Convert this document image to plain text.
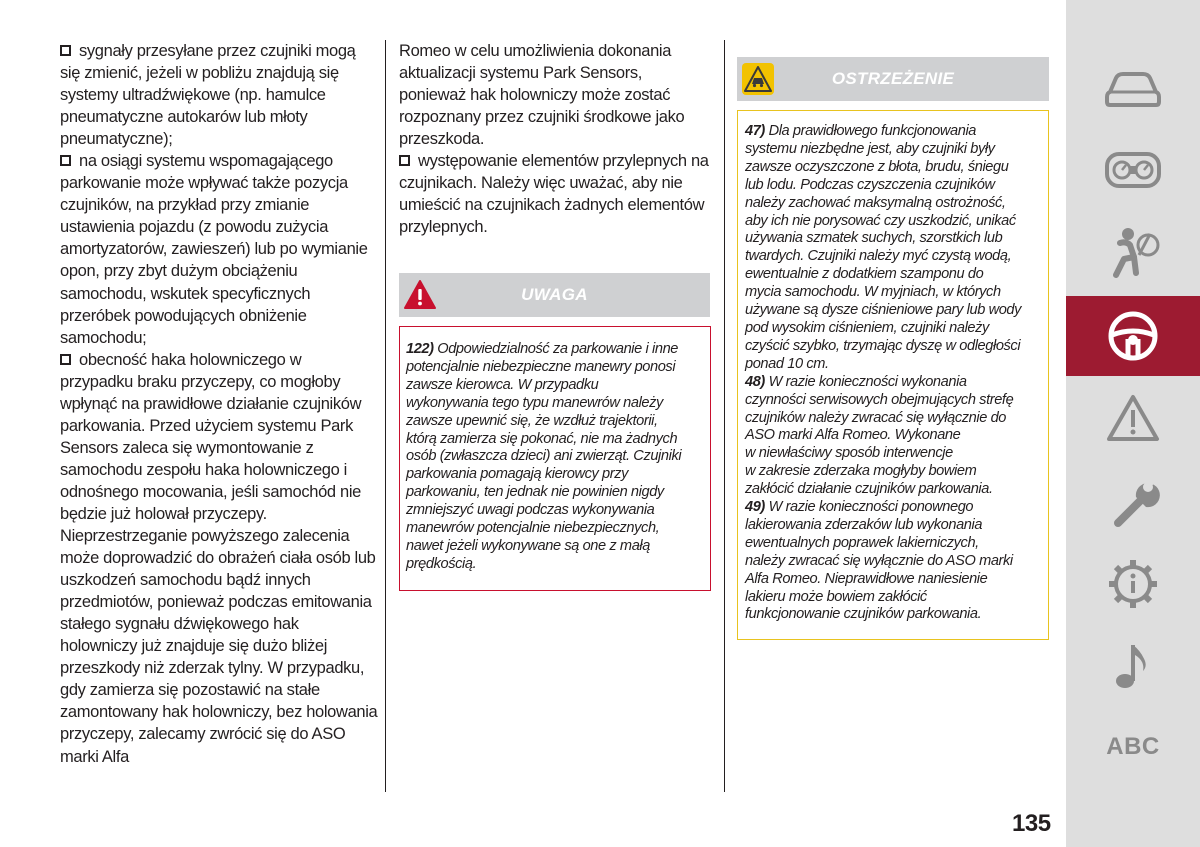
sygnały przesyłane przez czujniki mogą się zmienić, jeżeli w pobliżu znajdują się systemy ultradźwiękowe (np. hamulce pneumatyczne autokarów lub młoty pneumatyczne);

na osiągi systemu wspomagającego parkowanie może wpływać także pozycja czujników, na przykład przy zmianie ustawienia pojazdu (z powodu zużycia amortyzatorów, zawieszeń) lub po wymianie opon, przy zbyt dużym obciążeniu samochodu, wskutek specyficznych przeróbek powodujących obniżenie samochodu;

obecność haka holowniczego w przypadku braku przyczepy, co mogłoby wpłynąć na prawidłowe działanie czujników parkowania. Przed użyciem systemu Park Sensors zaleca się wymontowanie z samochodu zespołu haka holowniczego i odnośnego mocowania, jeśli samochód nie będzie już holował przyczepy. Nieprzestrzeganie powyższego zalecenia może doprowadzić do obrażeń ciała osób lub uszkodzeń samochodu bądź innych przedmiotów, ponieważ podczas emitowania stałego sygnału dźwiękowego hak holowniczy już znajduje się dużo bliżej przeszkody niż zderzak tylny. W przypadku, gdy zamierza się pozostawić na stałe zamontowany hak holowniczy, bez holowania przyczepy, zalecamy zwrócić się do ASO marki Alfa

Romeo w celu umożliwienia dokonania aktualizacji systemu Park Sensors, ponieważ hak holowniczy może zostać rozpoznany przez czujniki środkowe jako przeszkoda.

występowanie elementów przylepnych na czujnikach. Należy więc uważać, aby nie umieścić na czujnikach żadnych elementów przylepnych.

UWAGA

122) Odpowiedzialność za parkowanie i inne
potencjalnie niebezpieczne manewry ponosi
zawsze kierowca. W przypadku
wykonywania tego typu manewrów należy
zawsze upewnić się, że wzdłuż trajektorii,
którą zamierza się pokonać, nie ma żadnych
osób (zwłaszcza dzieci) ani zwierząt. Czujniki
parkowania pomagają kierowcy przy
parkowaniu, ten jednak nie powinien nigdy
zmniejszyć uwagi podczas wykonywania
manewrów potencjalnie niebezpiecznych,
nawet jeżeli wykonywane są one z małą
prędkością.

OSTRZEŻENIE

47) Dla prawidłowego funkcjonowania
systemu niezbędne jest, aby czujniki były
zawsze oczyszczone z błota, brudu, śniegu
lub lodu. Podczas czyszczenia czujników
należy zachować maksymalną ostrożność,
aby ich nie porysować czy uszkodzić, unikać
używania szmatek suchych, szorstkich lub
twardych. Czujniki należy myć czystą wodą,
ewentualnie z dodatkiem szamponu do
mycia samochodu. W myjniach, w których
używane są dysze ciśnieniowe pary lub wody
pod wysokim ciśnieniem, czujniki należy
czyścić szybko, trzymając dyszę w odległości
ponad 10 cm.

48) W razie konieczności wykonania
czynności serwisowych obejmujących strefę
czujników należy zwracać się wyłącznie do
ASO marki Alfa Romeo. Wykonane
w niewłaściwy sposób interwencje
w zakresie zderzaka mogłyby bowiem
zakłócić działanie czujników parkowania.

49) W razie konieczności ponownego
lakierowania zderzaków lub wykonania
ewentualnych poprawek lakierniczych,
należy zwracać się wyłącznie do ASO marki
Alfa Romeo. Nieprawidłowe naniesienie
lakieru może bowiem zakłócić
funkcjonowanie czujników parkowania.

135
ABC
